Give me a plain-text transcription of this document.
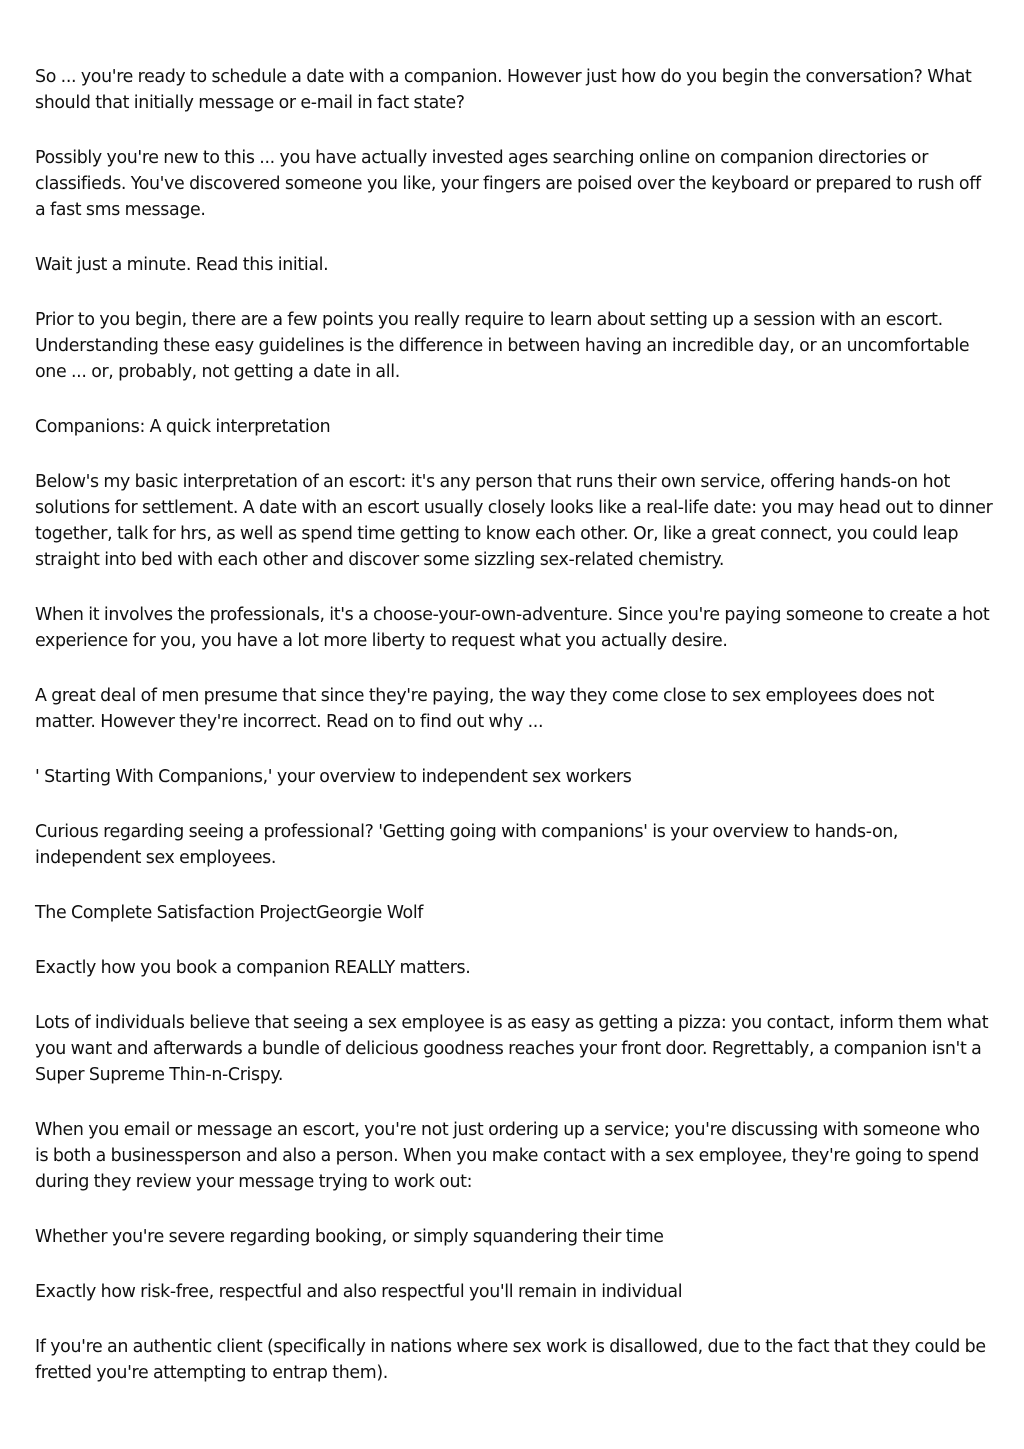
So ... you're ready to schedule a date with a companion. However just how do you begin the conversation? What should that initially message or e-mail in fact state?

Possibly you're new to this ... you have actually invested ages searching online on companion directories or classifieds. You've discovered someone you like, your fingers are poised over the keyboard or prepared to rush off a fast sms message.

Wait just a minute. Read this initial.

Prior to you begin, there are a few points you really require to learn about setting up a session with an escort. Understanding these easy guidelines is the difference in between having an incredible day, or an uncomfortable one ... or, probably, not getting a date in all.

Companions: A quick interpretation

Below's my basic interpretation of an escort: it's any person that runs their own service, offering hands-on hot solutions for settlement. A date with an escort usually closely looks like a real-life date: you may head out to dinner together, talk for hrs, as well as spend time getting to know each other. Or, like a great connect, you could leap straight into bed with each other and discover some sizzling sex-related chemistry.

When it involves the professionals, it's a choose-your-own-adventure. Since you're paying someone to create a hot experience for you, you have a lot more liberty to request what you actually desire.

A great deal of men presume that since they're paying, the way they come close to sex employees does not matter. However they're incorrect. Read on to find out why ...

' Starting With Companions,' your overview to independent sex workers

Curious regarding seeing a professional? 'Getting going with companions' is your overview to hands-on, independent sex employees.

The Complete Satisfaction ProjectGeorgie Wolf

Exactly how you book a companion REALLY matters.

Lots of individuals believe that seeing a sex employee is as easy as getting a pizza: you contact, inform them what you want and afterwards a bundle of delicious goodness reaches your front door. Regrettably, a companion isn't a Super Supreme Thin-n-Crispy.

When you email or message an escort, you're not just ordering up a service; you're discussing with someone who is both a businessperson and also a person. When you make contact with a sex employee, they're going to spend during they review your message trying to work out:

Whether you're severe regarding booking, or simply squandering their time

Exactly how risk-free, respectful and also respectful you'll remain in individual

If you're an authentic client (specifically in nations where sex work is disallowed, due to the fact that they could be fretted you're attempting to entrap them).
